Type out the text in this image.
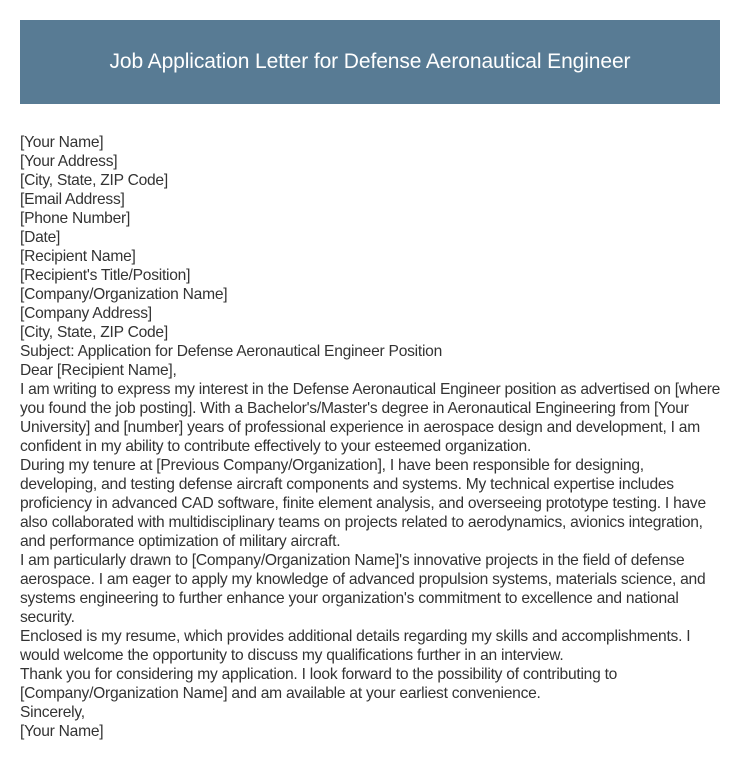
Job Application Letter for Defense Aeronautical Engineer

[Your Name]

[Your Address]

[City, State, ZIP Code]

[Email Address]

[Phone Number]

[Date]

[Recipient Name]

[Recipient's Title/Position]

[Company/Organization Name]

[Company Address]

[City, State, ZIP Code]

Subject: Application for Defense Aeronautical Engineer Position

Dear [Recipient Name],

I am writing to express my interest in the Defense Aeronautical Engineer position as advertised on [where you found the job posting]. With a Bachelor's/Master's degree in Aeronautical Engineering from [Your University] and [number] years of professional experience in aerospace design and development, I am confident in my ability to contribute effectively to your esteemed organization.

During my tenure at [Previous Company/Organization], I have been responsible for designing, developing, and testing defense aircraft components and systems. My technical expertise includes proficiency in advanced CAD software, finite element analysis, and overseeing prototype testing. I have also collaborated with multidisciplinary teams on projects related to aerodynamics, avionics integration, and performance optimization of military aircraft.

I am particularly drawn to [Company/Organization Name]'s innovative projects in the field of defense aerospace. I am eager to apply my knowledge of advanced propulsion systems, materials science, and systems engineering to further enhance your organization's commitment to excellence and national security.

Enclosed is my resume, which provides additional details regarding my skills and accomplishments. I would welcome the opportunity to discuss my qualifications further in an interview.

Thank you for considering my application. I look forward to the possibility of contributing to [Company/Organization Name] and am available at your earliest convenience.

Sincerely,

[Your Name]
